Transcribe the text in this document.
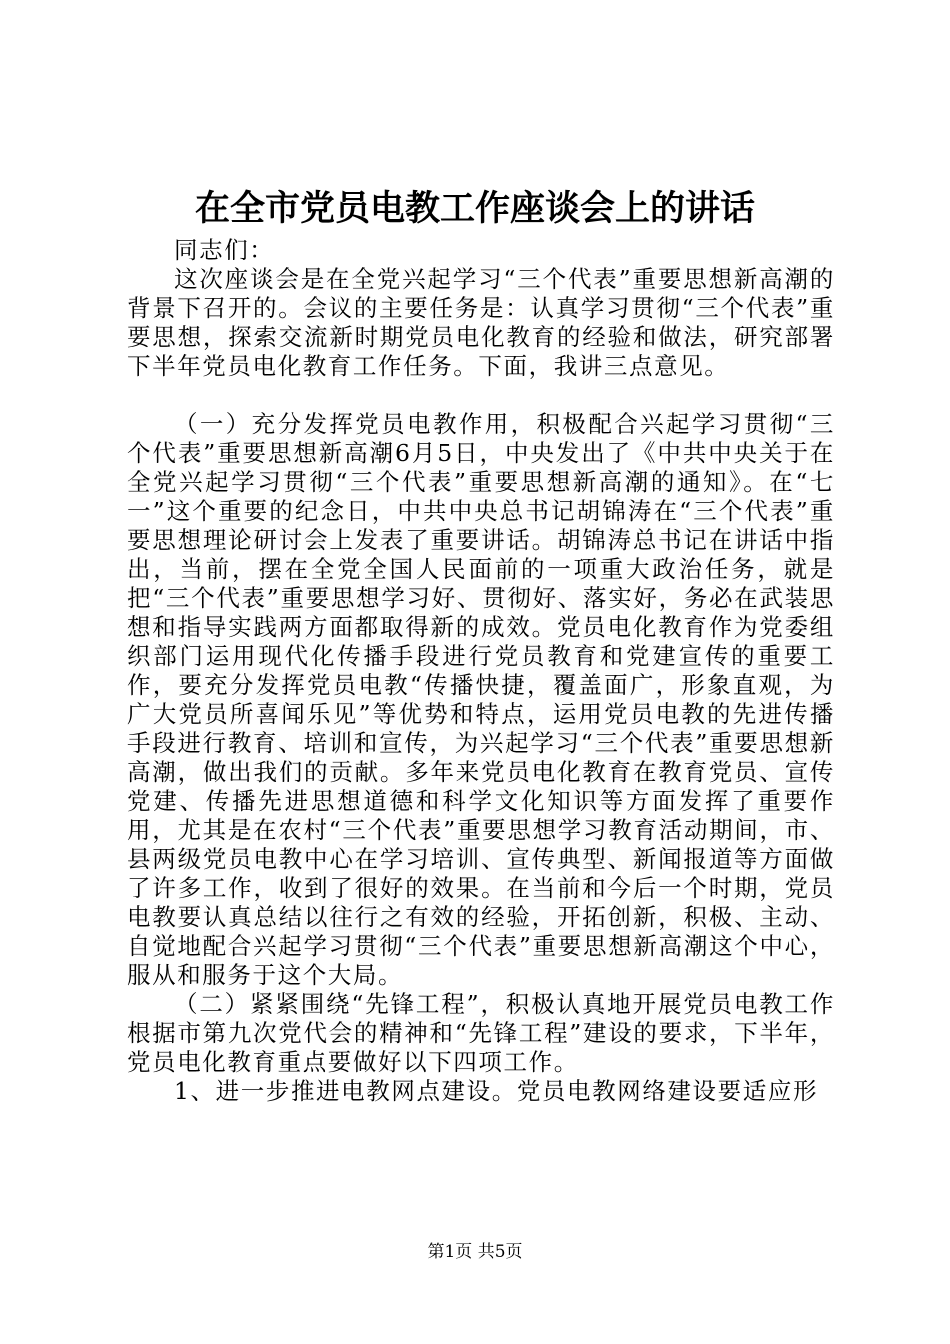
在全市党员电教工作座谈会上的讲话

同志们：

这次座谈会是在全党兴起学习“三个代表”重要思想新高潮的背景下召开的。会议的主要任务是：认真学习贯彻“三个代表”重要思想，探索交流新时期党员电化教育的经验和做法，研究部署下半年党员电化教育工作任务。下面，我讲三点意见。

（一）充分发挥党员电教作用，积极配合兴起学习贯彻“三个代表”重要思想新高潮6月5日，中央发出了《中共中央关于在全党兴起学习贯彻“三个代表”重要思想新高潮的通知》。在“七一”这个重要的纪念日，中共中央总书记胡锦涛在“三个代表”重要思想理论研讨会上发表了重要讲话。胡锦涛总书记在讲话中指出，当前，摆在全党全国人民面前的一项重大政治任务，就是把“三个代表”重要思想学习好、贯彻好、落实好，务必在武装思想和指导实践两方面都取得新的成效。党员电化教育作为党委组织部门运用现代化传播手段进行党员教育和党建宣传的重要工作，要充分发挥党员电教“传播快捷，覆盖面广，形象直观，为广大党员所喜闻乐见”等优势和特点，运用党员电教的先进传播手段进行教育、培训和宣传，为兴起学习“三个代表”重要思想新高潮，做出我们的贡献。多年来党员电化教育在教育党员、宣传党建、传播先进思想道德和科学文化知识等方面发挥了重要作用，尤其是在农村“三个代表”重要思想学习教育活动期间，市、县两级党员电教中心在学习培训、宣传典型、新闻报道等方面做了许多工作，收到了很好的效果。在当前和今后一个时期，党员电教要认真总结以往行之有效的经验，开拓创新，积极、主动、自觉地配合兴起学习贯彻“三个代表”重要思想新高潮这个中心，服从和服务于这个大局。

（二）紧紧围绕“先锋工程”，积极认真地开展党员电教工作根据市第九次党代会的精神和“先锋工程”建设的要求，下半年，党员电化教育重点要做好以下四项工作。

1、进一步推进电教网点建设。党员电教网络建设要适应形

第1页 共5页
